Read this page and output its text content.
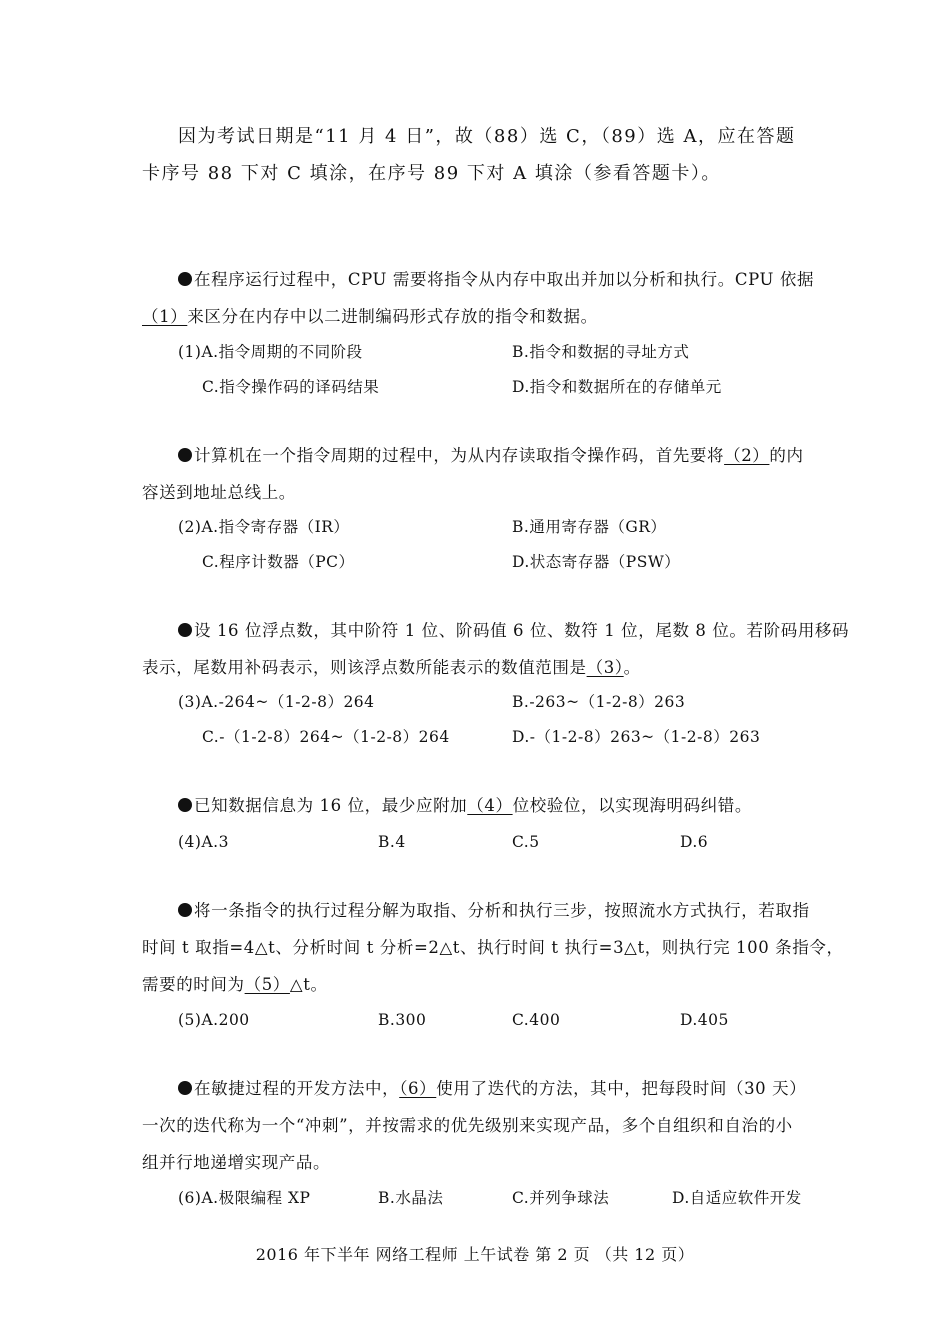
因为考试日期是“11 月 4 日”，故（88）选 C，（89）选 A，应在答题
卡序号 88 下对 C 填涂，在序号 89 下对 A 填涂（参看答题卡）。
在程序运行过程中，CPU 需要将指令从内存中取出并加以分析和执行。CPU 依据
（1）来区分在内存中以二进制编码形式存放的指令和数据。
(1)A.指令周期的不同阶段	B.指令和数据的寻址方式
C.指令操作码的译码结果	D.指令和数据所在的存储单元
计算机在一个指令周期的过程中，为从内存读取指令操作码，首先要将（2）的内
容送到地址总线上。
(2)A.指令寄存器（IR）	B.通用寄存器（GR）
C.程序计数器（PC）	D.状态寄存器（PSW）
设 16 位浮点数，其中阶符 1 位、阶码值 6 位、数符 1 位，尾数 8 位。若阶码用移码
表示，尾数用补码表示，则该浮点数所能表示的数值范围是（3）。
(3)A.-264~（1-2-8）264	B.-263~（1-2-8）263
C.-（1-2-8）264~（1-2-8）264	D.-（1-2-8）263~（1-2-8）263
已知数据信息为 16 位，最少应附加（4）位校验位，以实现海明码纠错。
(4)A.3	B.4	C.5	D.6
将一条指令的执行过程分解为取指、分析和执行三步，按照流水方式执行，若取指
时间 t 取指=4△t、分析时间 t 分析=2△t、执行时间 t 执行=3△t，则执行完 100 条指令，
需要的时间为（5）△t。
(5)A.200	B.300	C.400	D.405
在敏捷过程的开发方法中，（6）使用了迭代的方法，其中，把每段时间（30 天）
一次的迭代称为一个“冲刺”，并按需求的优先级别来实现产品，多个自组织和自治的小
组并行地递增实现产品。
(6)A.极限编程 XP	B.水晶法	C.并列争球法	D.自适应软件开发
2016 年下半年 网络工程师 上午试卷 第 2 页 （共 12 页）
